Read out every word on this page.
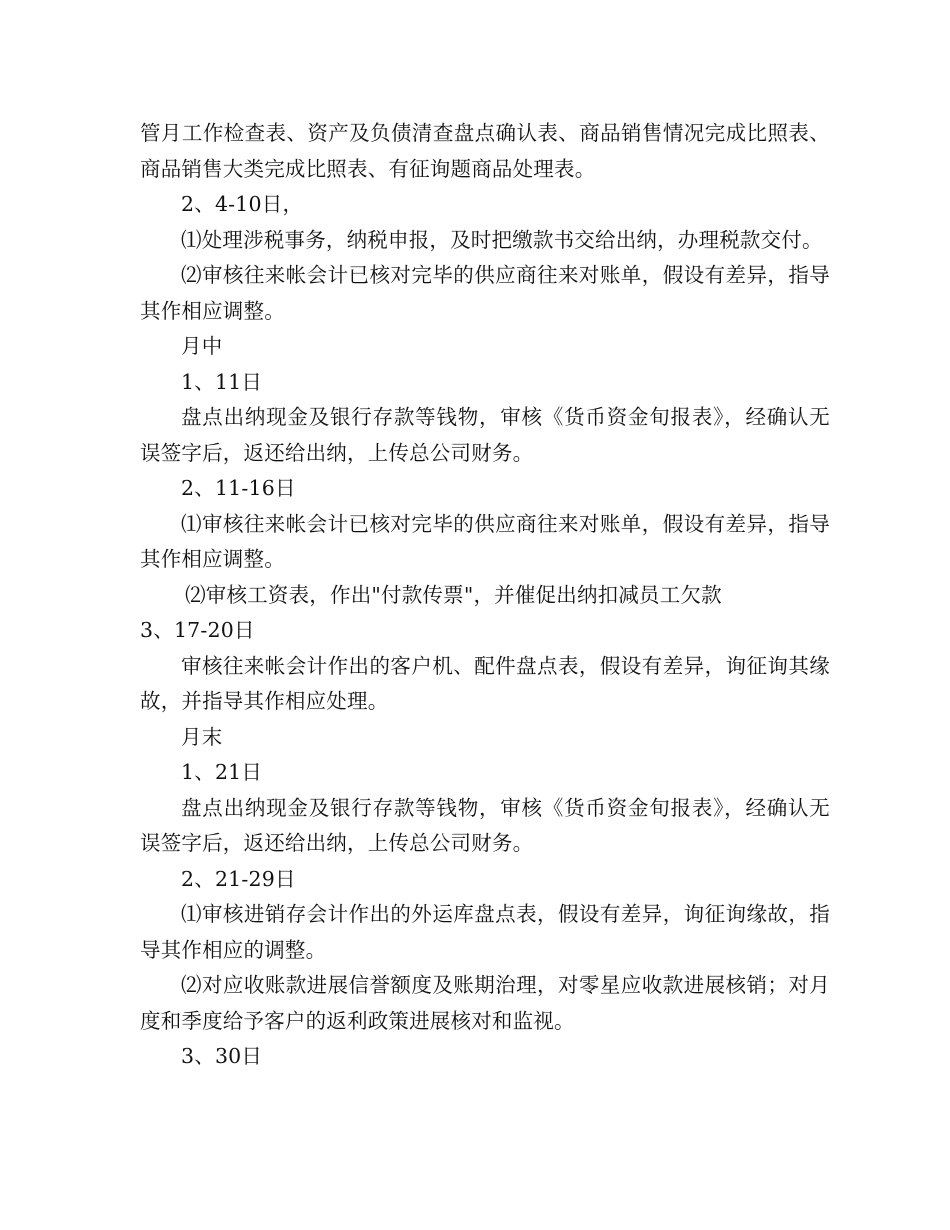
管月工作检查表、资产及负债清查盘点确认表、商品销售情况完成比照表、商品销售大类完成比照表、有征询题商品处理表。

2、4-10日，

⑴处理涉税事务，纳税申报，及时把缴款书交给出纳，办理税款交付。

⑵审核往来帐会计已核对完毕的供应商往来对账单，假设有差异，指导其作相应调整。

月中

1、11日

盘点出纳现金及银行存款等钱物，审核《货币资金旬报表》，经确认无误签字后，返还给出纳，上传总公司财务。

2、11-16日

⑴审核往来帐会计已核对完毕的供应商往来对账单，假设有差异，指导其作相应调整。

⑵审核工资表，作出"付款传票"，并催促出纳扣减员工欠款

3、17-20日

审核往来帐会计作出的客户机、配件盘点表，假设有差异，询征询其缘故，并指导其作相应处理。

月末

1、21日

盘点出纳现金及银行存款等钱物，审核《货币资金旬报表》，经确认无误签字后，返还给出纳，上传总公司财务。

2、21-29日

⑴审核进销存会计作出的外运库盘点表，假设有差异，询征询缘故，指导其作相应的调整。

⑵对应收账款进展信誉额度及账期治理，对零星应收款进展核销；对月度和季度给予客户的返利政策进展核对和监视。

3、30日
